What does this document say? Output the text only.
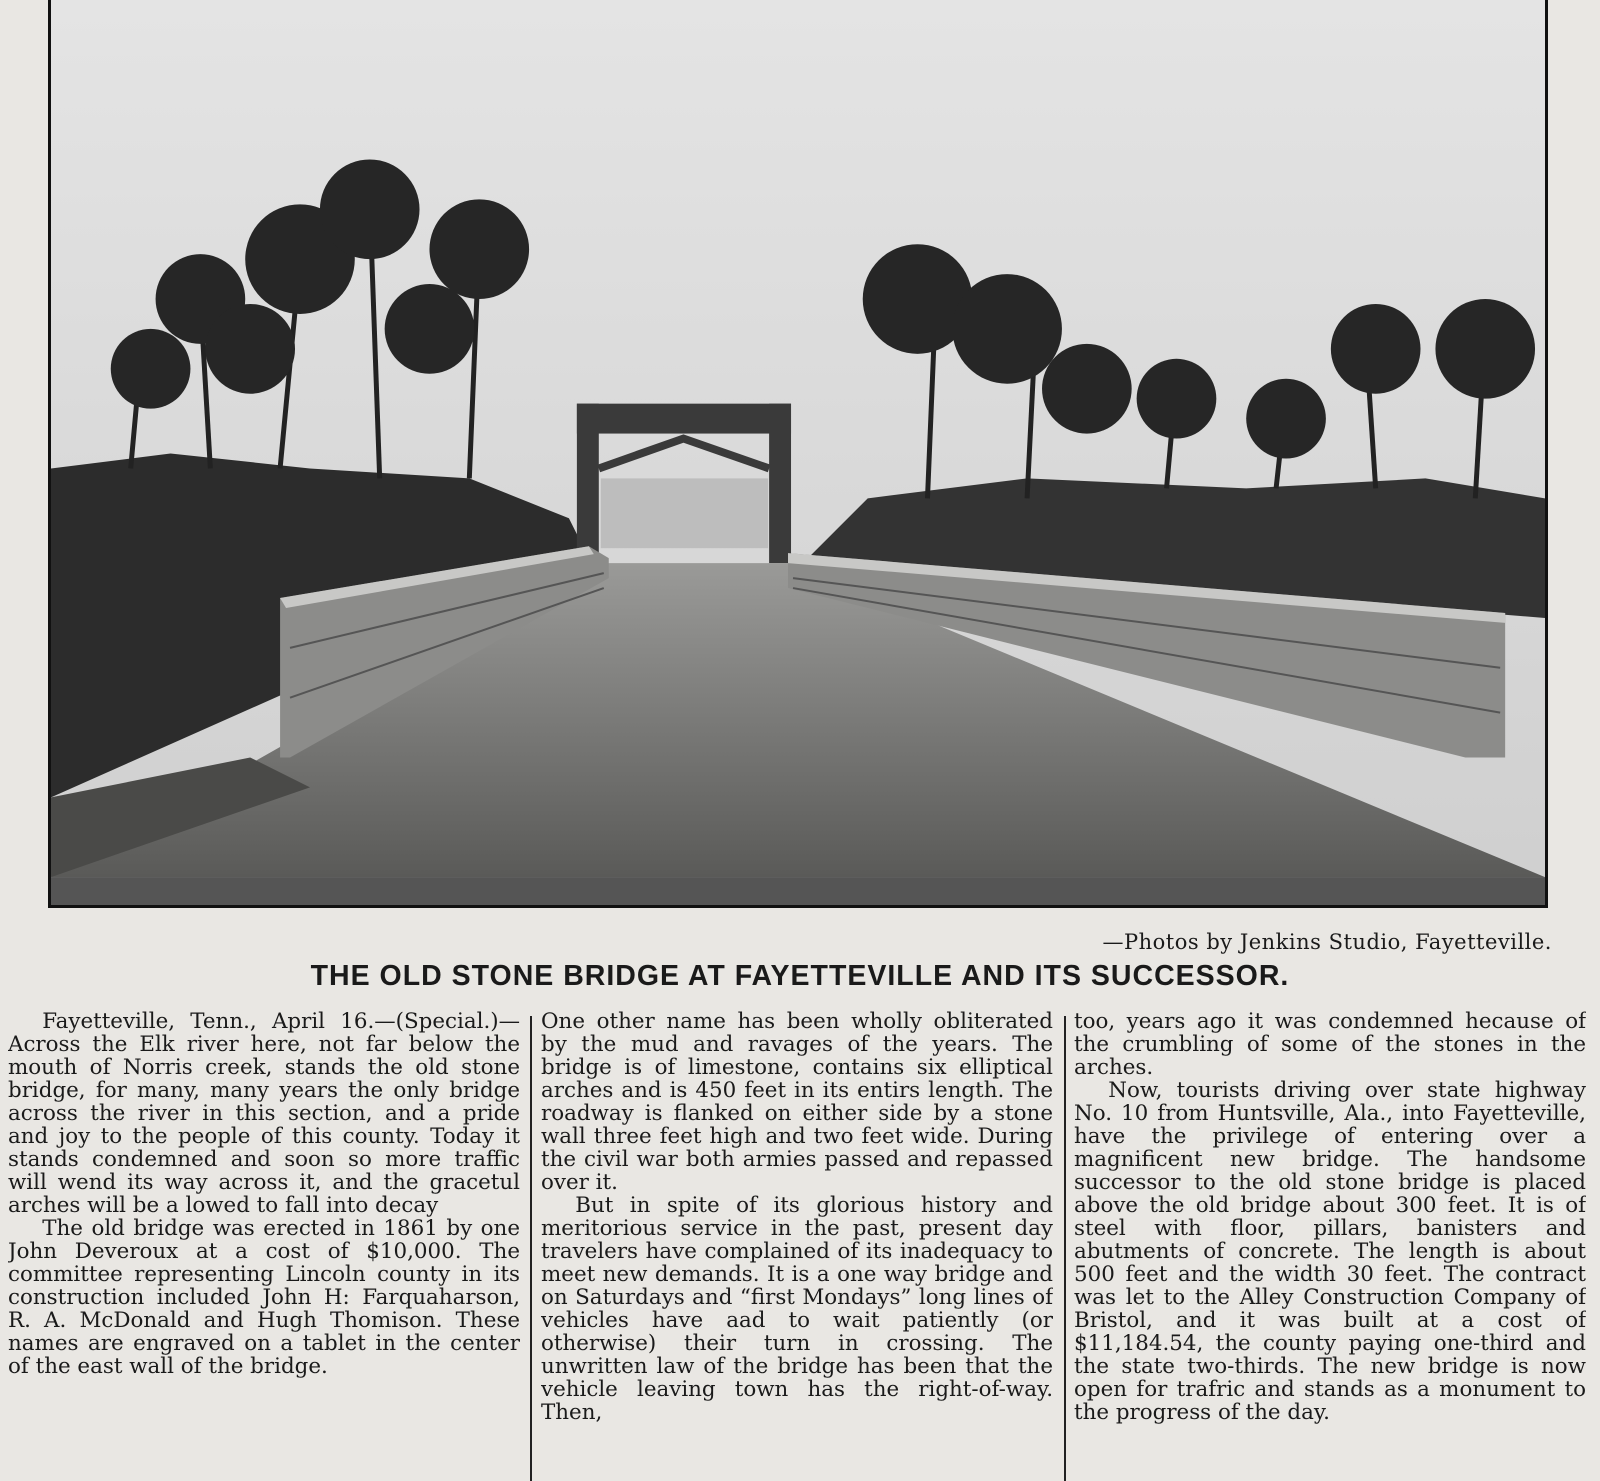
—Photos by Jenkins Studio, Fayetteville.
THE OLD STONE BRIDGE AT FAYETTEVILLE AND ITS SUCCESSOR.

Fayetteville, Tenn., April 16.—(Special.)—Across the Elk river here, not far below the mouth of Norris creek, stands the old stone bridge, for many, many years the only bridge across the river in this section, and a pride and joy to the people of this county. Today it stands condemned and soon so more traffic will wend its way across it, and the gracetul arches will be a lowed to fall into decay

The old bridge was erected in 1861 by one John Deveroux at a cost of $10,000. The committee representing Lincoln county in its construction included John H: Farquaharson, R. A. McDonald and Hugh Thomison. These names are engraved on a tablet in the center of the east wall of the bridge.

One other name has been wholly obliterated by the mud and ravages of the years. The bridge is of limestone, contains six elliptical arches and is 450 feet in its entirs length. The roadway is flanked on either side by a stone wall three feet high and two feet wide. During the civil war both armies passed and repassed over it.

But in spite of its glorious history and meritorious service in the past, present day travelers have complained of its inadequacy to meet new demands. It is a one way bridge and on Saturdays and “first Mondays” long lines of vehicles have aad to wait patiently (or otherwise) their turn in crossing. The unwritten law of the bridge has been that the vehicle leaving town has the right-of-way. Then,

too, years ago it was condemned hecause of the crumbling of some of the stones in the arches.

Now, tourists driving over state highway No. 10 from Huntsville, Ala., into Fayetteville, have the privilege of entering over a magnificent new bridge. The handsome successor to the old stone bridge is placed above the old bridge about 300 feet. It is of steel with floor, pillars, banisters and abutments of concrete. The length is about 500 feet and the width 30 feet. The contract was let to the Alley Construction Company of Bristol, and it was built at a cost of $11,184.54, the county paying one-third and the state two-thirds. The new bridge is now open for trafric and stands as a monument to the progress of the day.
